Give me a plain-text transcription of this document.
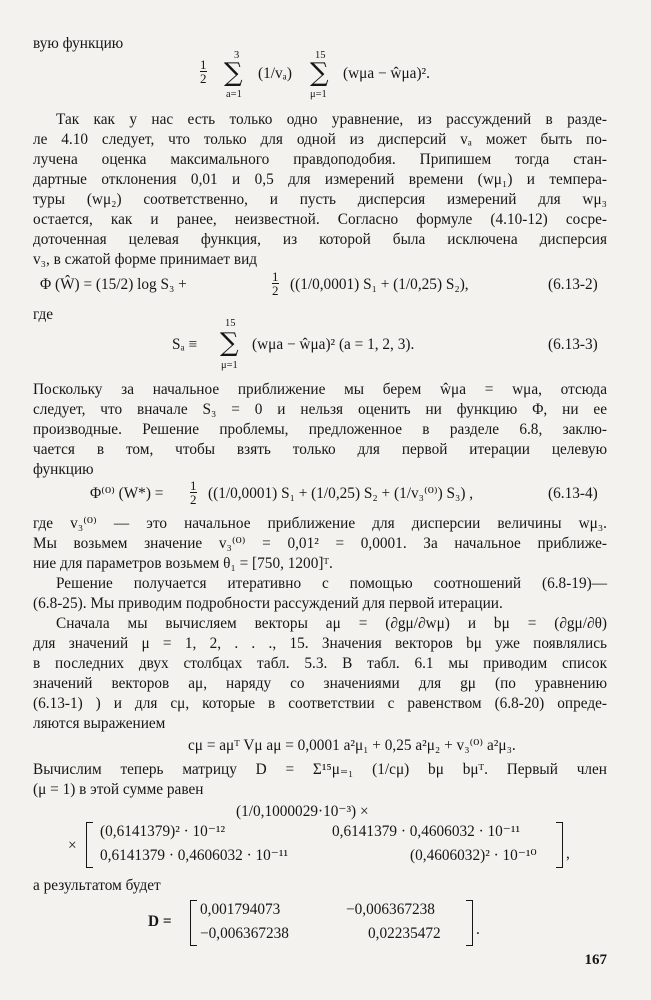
вую функцию
$\frac{1}{2}$
3
∑
a=1
(1/vₐ)
15
∑
μ=1
(wμa − ŵμa)².
Так как у нас есть только одно уравнение, из рассуждений в разде-
ле 4.10 следует, что только для одной из дисперсий vₐ может быть по-
лучена оценка максимального правдоподобия. Припишем тогда стан-
дартные отклонения 0,01 и 0,5 для измерений времени (wμ₁) и темпера-
туры (wμ₂) соответственно, и пусть дисперсия измерений для wμ₃
остается, как и ранее, неизвестной. Согласно формуле (4.10-12) сосре-
доточенная целевая функция, из которой была исключена дисперсия
v₃, в сжатой форме принимает вид
Φ (Ŵ) = (15/2) log S₃ +	$\frac{1}{2} ((1/0,0001) S_1 + (1/0,25)$ S₂),	(6.13-2)
где
Sₐ ≡
15
∑
μ=1
(wμa − ŵμa)² (a = 1, 2, 3).	(6.13-3)
Поскольку за начальное приближение мы берем ŵμa = wμa, отсюда
следует, что вначале S₃ = 0 и нельзя оценить ни функцию Φ, ни ее
производные. Решение проблемы, предложенное в разделе 6.8, заклю-
чается в том, чтобы взять только для первой итерации целевую
функцию
Φ⁽⁰⁾ $(W*) = \frac{1}{2} ((1/0,0001) S_1 + (1/0,25) S_2 + (1/v_3^{(0)})$ S₃) ,	(6.13-4)
где v₃⁽⁰⁾ — это начальное приближение для дисперсии величины wμ₃.
Мы возьмем значение v₃⁽⁰⁾ = 0,01² = 0,0001. За начальное приближе-
ние для параметров возьмем θ₁ = [750, 1200]ᵀ.
Решение получается итеративно с помощью соотношений (6.8-19)—
(6.8-25). Мы приводим подробности рассуждений для первой итерации.
Сначала мы вычисляем векторы aμ = (∂gμ/∂wμ) и bμ = (∂gμ/∂θ)
для значений μ = 1, 2, . . ., 15. Значения векторов bμ уже появлялись
в последних двух столбцах табл. 5.3. В табл. 6.1 мы приводим список
значений векторов aμ, наряду со значениями для gμ (по уравнению
(6.13-1) ) и для cμ, которые в соответствии с равенством (6.8-20) опреде-
ляются выражением
cμ = aμᵀ Vμ aμ = 0,0001 a²μ₁ + 0,25 a²μ₂ + v₃⁽⁰⁾ a²μ₃.
Вычислим теперь матрицу D = Σ¹⁵μ₌₁ (1/cμ) bμ bμᵀ. Первый член
(μ = 1) в этой сумме равен
(1/0,1000029·10⁻³) ×
×
(0,6141379)² · 10⁻¹²	0,6141379 · 0,4606032 · 10⁻¹¹
0,6141379 · 0,4606032 · 10⁻¹¹	(0,4606032)² · 10⁻¹⁰ ,
а результатом будет
D =
0,001794073	−0,006367238
−0,006367238	0,02235472 .
167
